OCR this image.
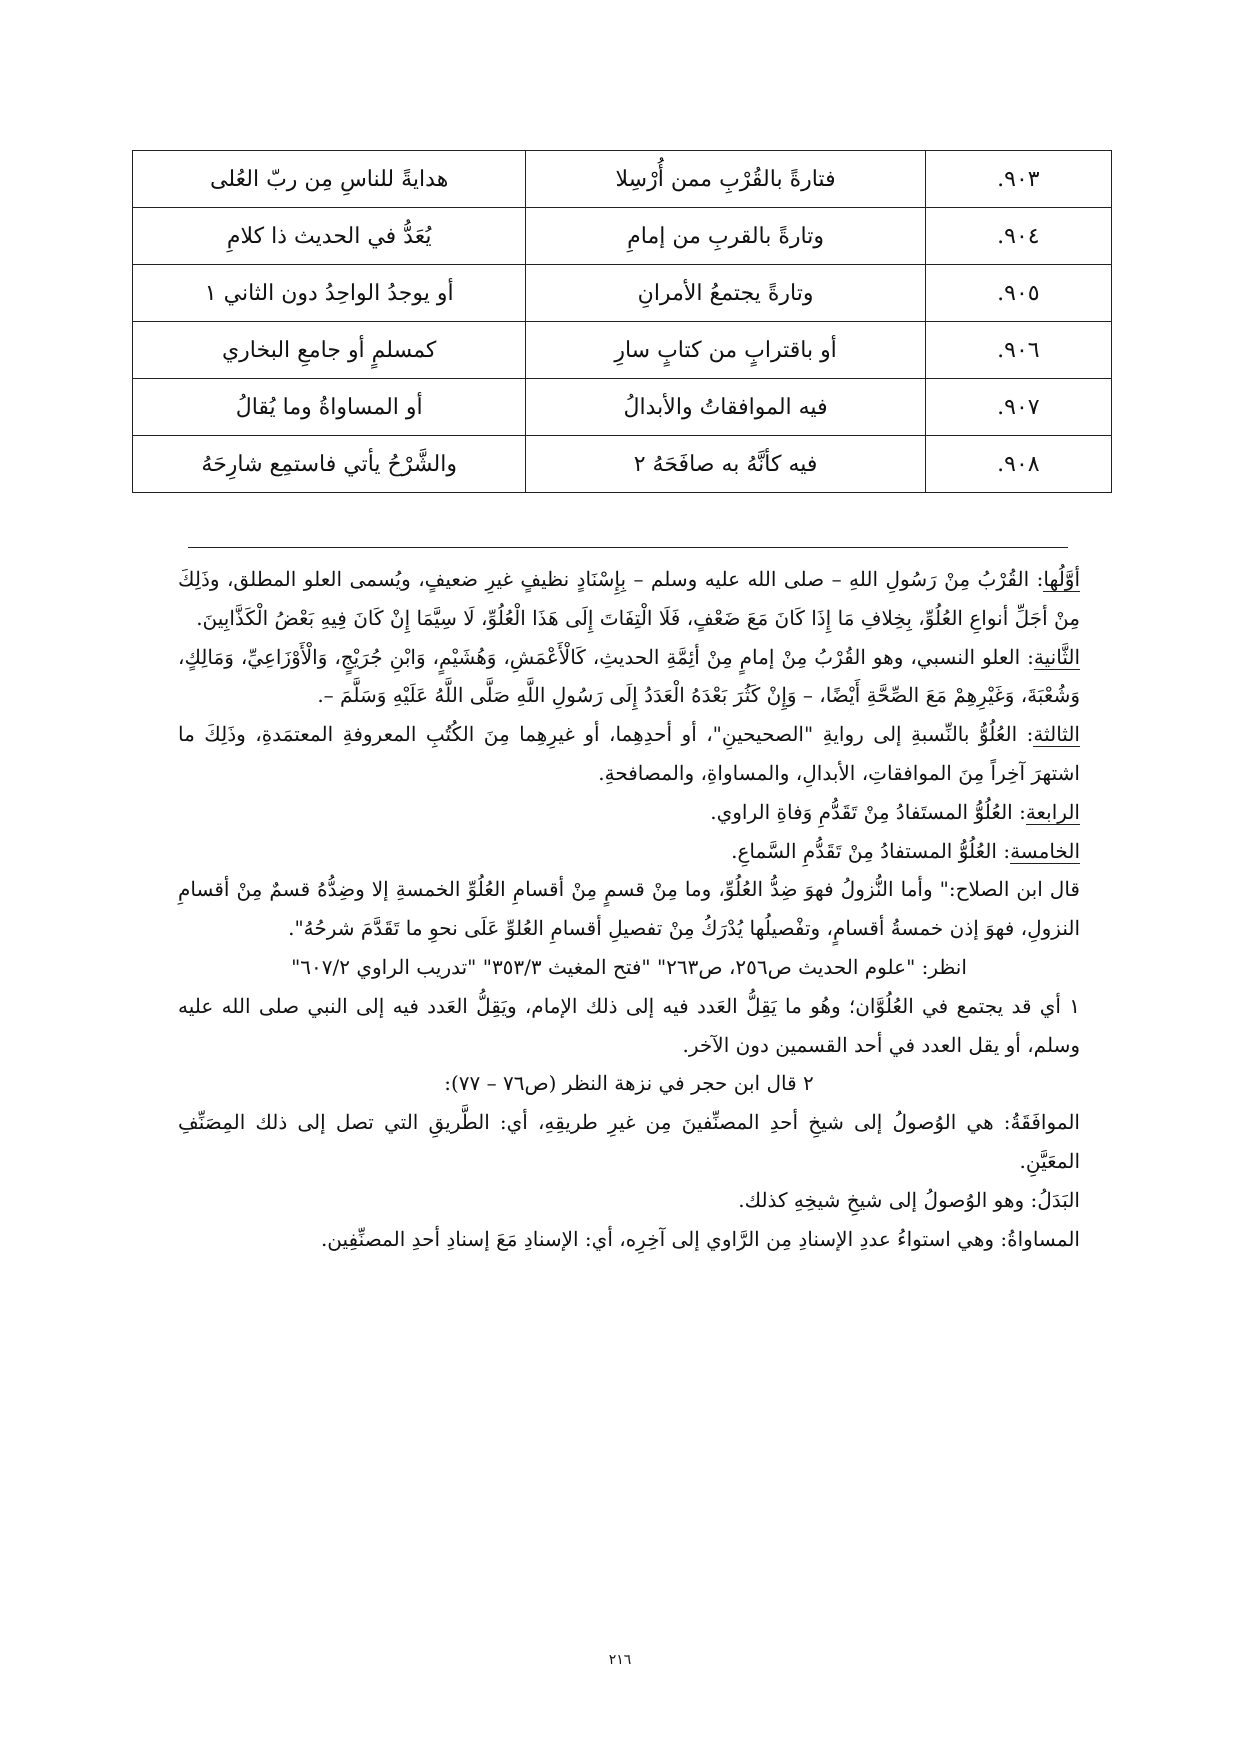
٩٠٣.	فتارةً بالقُرْبِ ممن أُرْسِلا	هدايةً للناسِ مِن ربّ العُلى
٩٠٤.	وتارةً بالقربِ من إمامِ	يُعَدُّ في الحديث ذا كلامِ
٩٠٥.	وتارةً يجتمعُ الأمرانِ	أو يوجدُ الواحِدُ دون الثاني ١
٩٠٦.	أو باقترابٍ من كتابٍ سارِ	كمسلمٍ أو جامعِ البخاري
٩٠٧.	فيه الموافقاتُ والأبدالُ	أو المساواةُ وما يُقالُ
٩٠٨.	فيه كأنَّهُ به صافَحَهُ ٢	والشَّرْحُ يأتي فاستمِع شارِحَهُ

أوَّلُها: القُرْبُ مِنْ رَسُولِ اللهِ – صلى الله عليه وسلم – بِإِسْنَادٍ نظيفٍ غيرِ ضعيفٍ، ويُسمى العلو المطلق، وذَلِكَ مِنْ أجَلِّ أنواعِ العُلُوِّ، بِخِلافِ مَا إِذَا كَانَ مَعَ ضَعْفٍ، فَلَا الْتِفَاتَ إِلَى هَذَا الْعُلُوِّ، لَا سِيَّمَا إِنْ كَانَ فِيهِ بَعْضُ الْكَذَّابِينَ.

الثَّانية: العلو النسبي، وهو القُرْبُ مِنْ إمامٍ مِنْ أئِمَّةِ الحديثِ، كَالْأَعْمَشِ، وَهُشَيْمٍ، وَابْنِ جُرَيْجٍ، وَالْأَوْزَاعِيِّ، وَمَالِكٍ، وَشُعْبَةَ، وَغَيْرِهِمْ مَعَ الصِّحَّةِ أَيْضًا، – وَإِنْ كَثُرَ بَعْدَهُ الْعَدَدُ إِلَى رَسُولِ اللَّهِ صَلَّى اللَّهُ عَلَيْهِ وَسَلَّمَ –.

الثالثة: العُلُوُّ بالنِّسبةِ إلى روايةِ "الصحيحينِ"، أو أحدِهِما، أو غيرِهِما مِنَ الكُتُبِ المعروفةِ المعتمَدةِ، وذَلِكَ ما اشتهرَ آخِراً مِنَ الموافقاتِ، الأبدالِ، والمساواةِ، والمصافحةِ.

الرابعة: العُلُوُّ المستَفادُ مِنْ تَقَدُّمِ وَفاةِ الراوي.

الخامسة: العُلُوُّ المستفادُ مِنْ تَقَدُّمِ السَّماعِ.

قال ابن الصلاح:" وأما النُّزولُ فهوَ ضِدُّ العُلُوِّ، وما مِنْ قسمٍ مِنْ أقسامِ العُلُوِّ الخمسةِ إلا وضِدُّهُ قسمٌ مِنْ أقسامِ النزولِ، فهوَ إذن خمسةُ أقسامٍ، وتفْصيلُها يُدْرَكُ مِنْ تفصيلِ أقسامِ العُلوِّ عَلَى نحوِ ما تَقَدَّمَ شرحُهُ".

انظر: "علوم الحديث ص٢٥٦، ص٢٦٣" "فتح المغيث ٣٥٣/٣" "تدريب الراوي ٦٠٧/٢"

١ أي قد يجتمع في العُلُوَّان؛ وهُو ما يَقِلُّ العَدد فيه إلى ذلك الإمام، ويَقِلُّ العَدد فيه إلى النبي صلى الله عليه وسلم، أو يقل العدد في أحد القسمين دون الآخر.

٢ قال ابن حجر في نزهة النظر (ص٧٦ – ٧٧):

الموافَقَةُ: هي الوُصولُ إلى شيخِ أحدِ المصنِّفينَ مِن غيرِ طريقِهِ، أي: الطَّريقِ التي تصل إلى ذلك المِصَنِّفِ المعَيَّنِ.

البَدَلُ: وهو الوُصولُ إلى شيخِ شيخِهِ كذلك.

المساواةُ: وهي استواءُ عددِ الإسنادِ مِن الرَّاوي إلى آخِرِه، أي: الإسنادِ مَعَ إسنادِ أحدِ المصنِّفِين.

٢١٦
